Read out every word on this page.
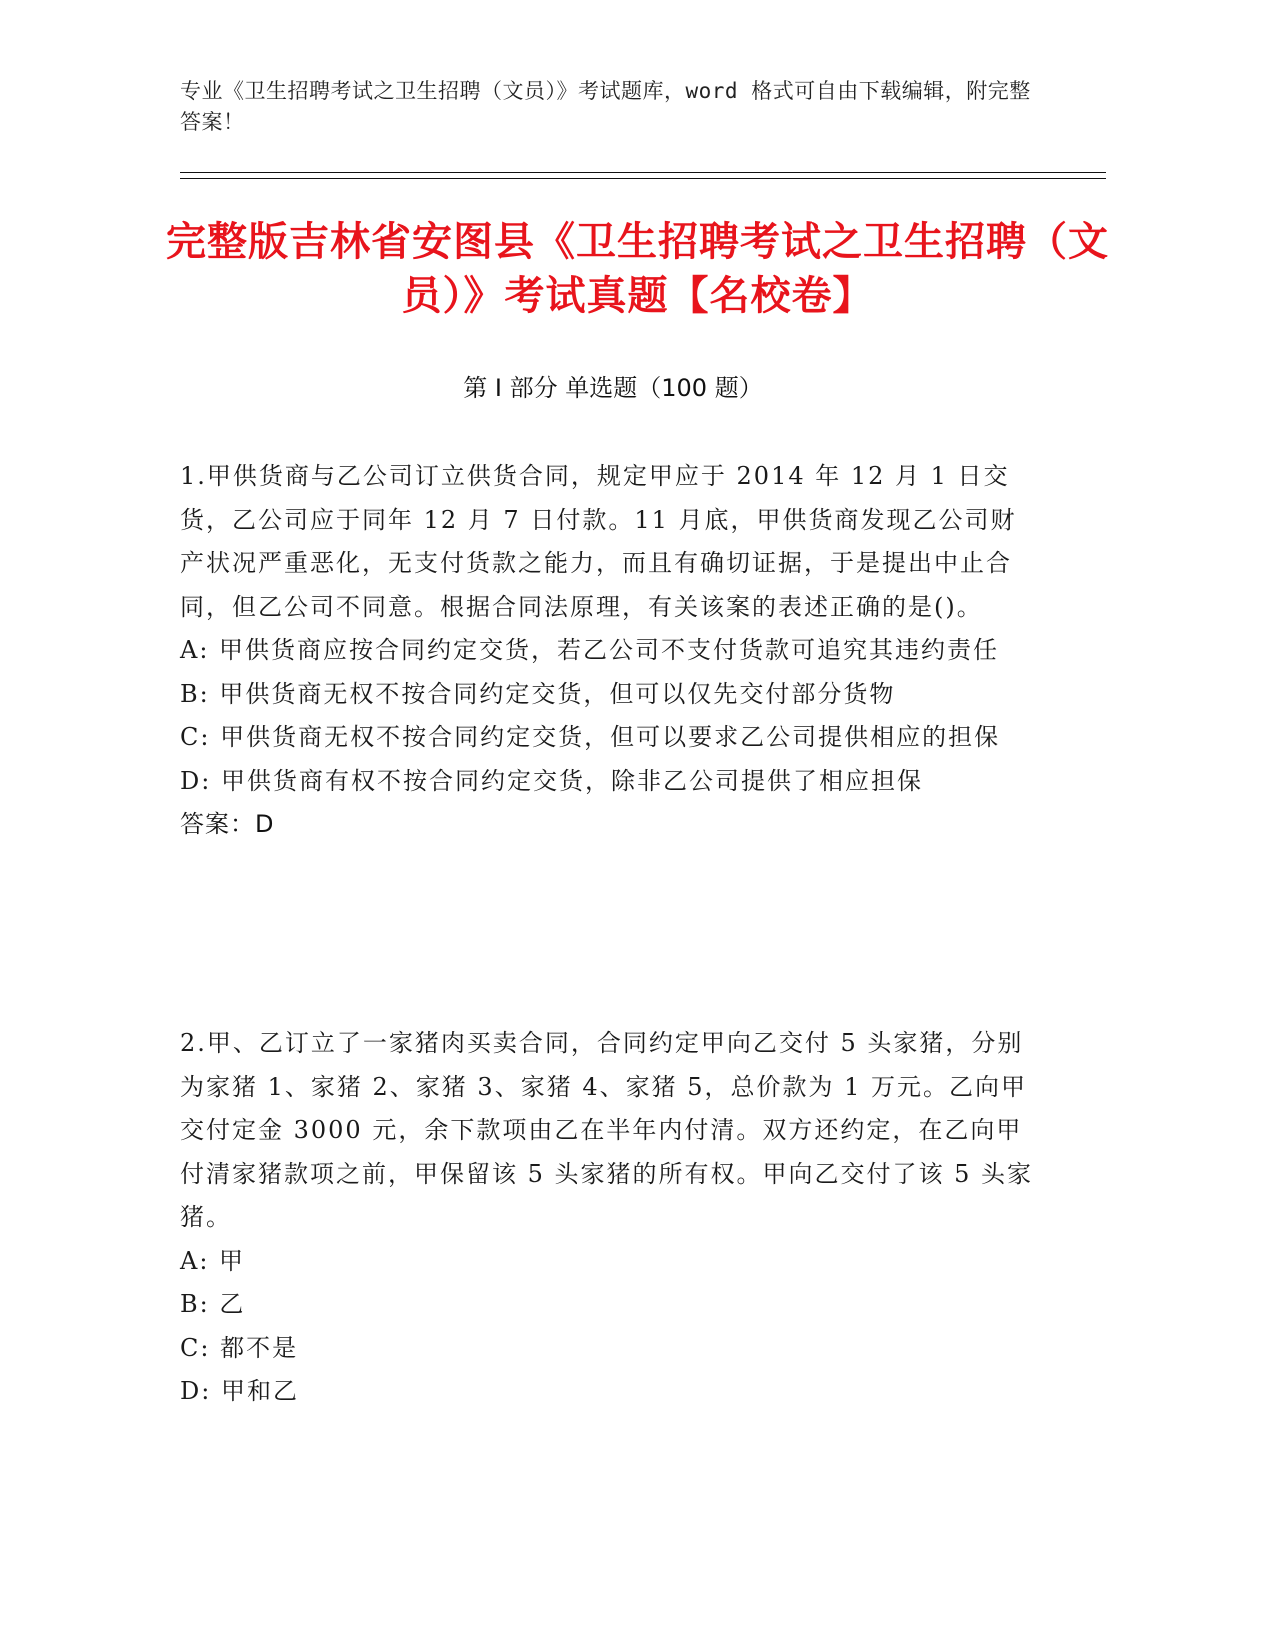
专业《卫生招聘考试之卫生招聘（文员）》考试题库，word 格式可自由下载编辑，附完整答案！
完整版吉林省安图县《卫生招聘考试之卫生招聘（文员）》考试真题【名校卷】
第 I 部分 单选题（100 题）

1.甲供货商与乙公司订立供货合同，规定甲应于 2014 年 12 月 1 日交货，乙公司应于同年 12 月 7 日付款。11 月底，甲供货商发现乙公司财产状况严重恶化，无支付货款之能力，而且有确切证据，于是提出中止合同，但乙公司不同意。根据合同法原理，有关该案的表述正确的是()。

A: 甲供货商应按合同约定交货，若乙公司不支付货款可追究其违约责任

B: 甲供货商无权不按合同约定交货，但可以仅先交付部分货物

C: 甲供货商无权不按合同约定交货，但可以要求乙公司提供相应的担保

D: 甲供货商有权不按合同约定交货，除非乙公司提供了相应担保

答案：D

2.甲、乙订立了一家猪肉买卖合同，合同约定甲向乙交付 5 头家猪，分别为家猪 1、家猪 2、家猪 3、家猪 4、家猪 5，总价款为 1 万元。乙向甲交付定金 3000 元，余下款项由乙在半年内付清。双方还约定，在乙向甲付清家猪款项之前，甲保留该 5 头家猪的所有权。甲向乙交付了该 5 头家猪。

A: 甲

B: 乙

C: 都不是

D: 甲和乙
